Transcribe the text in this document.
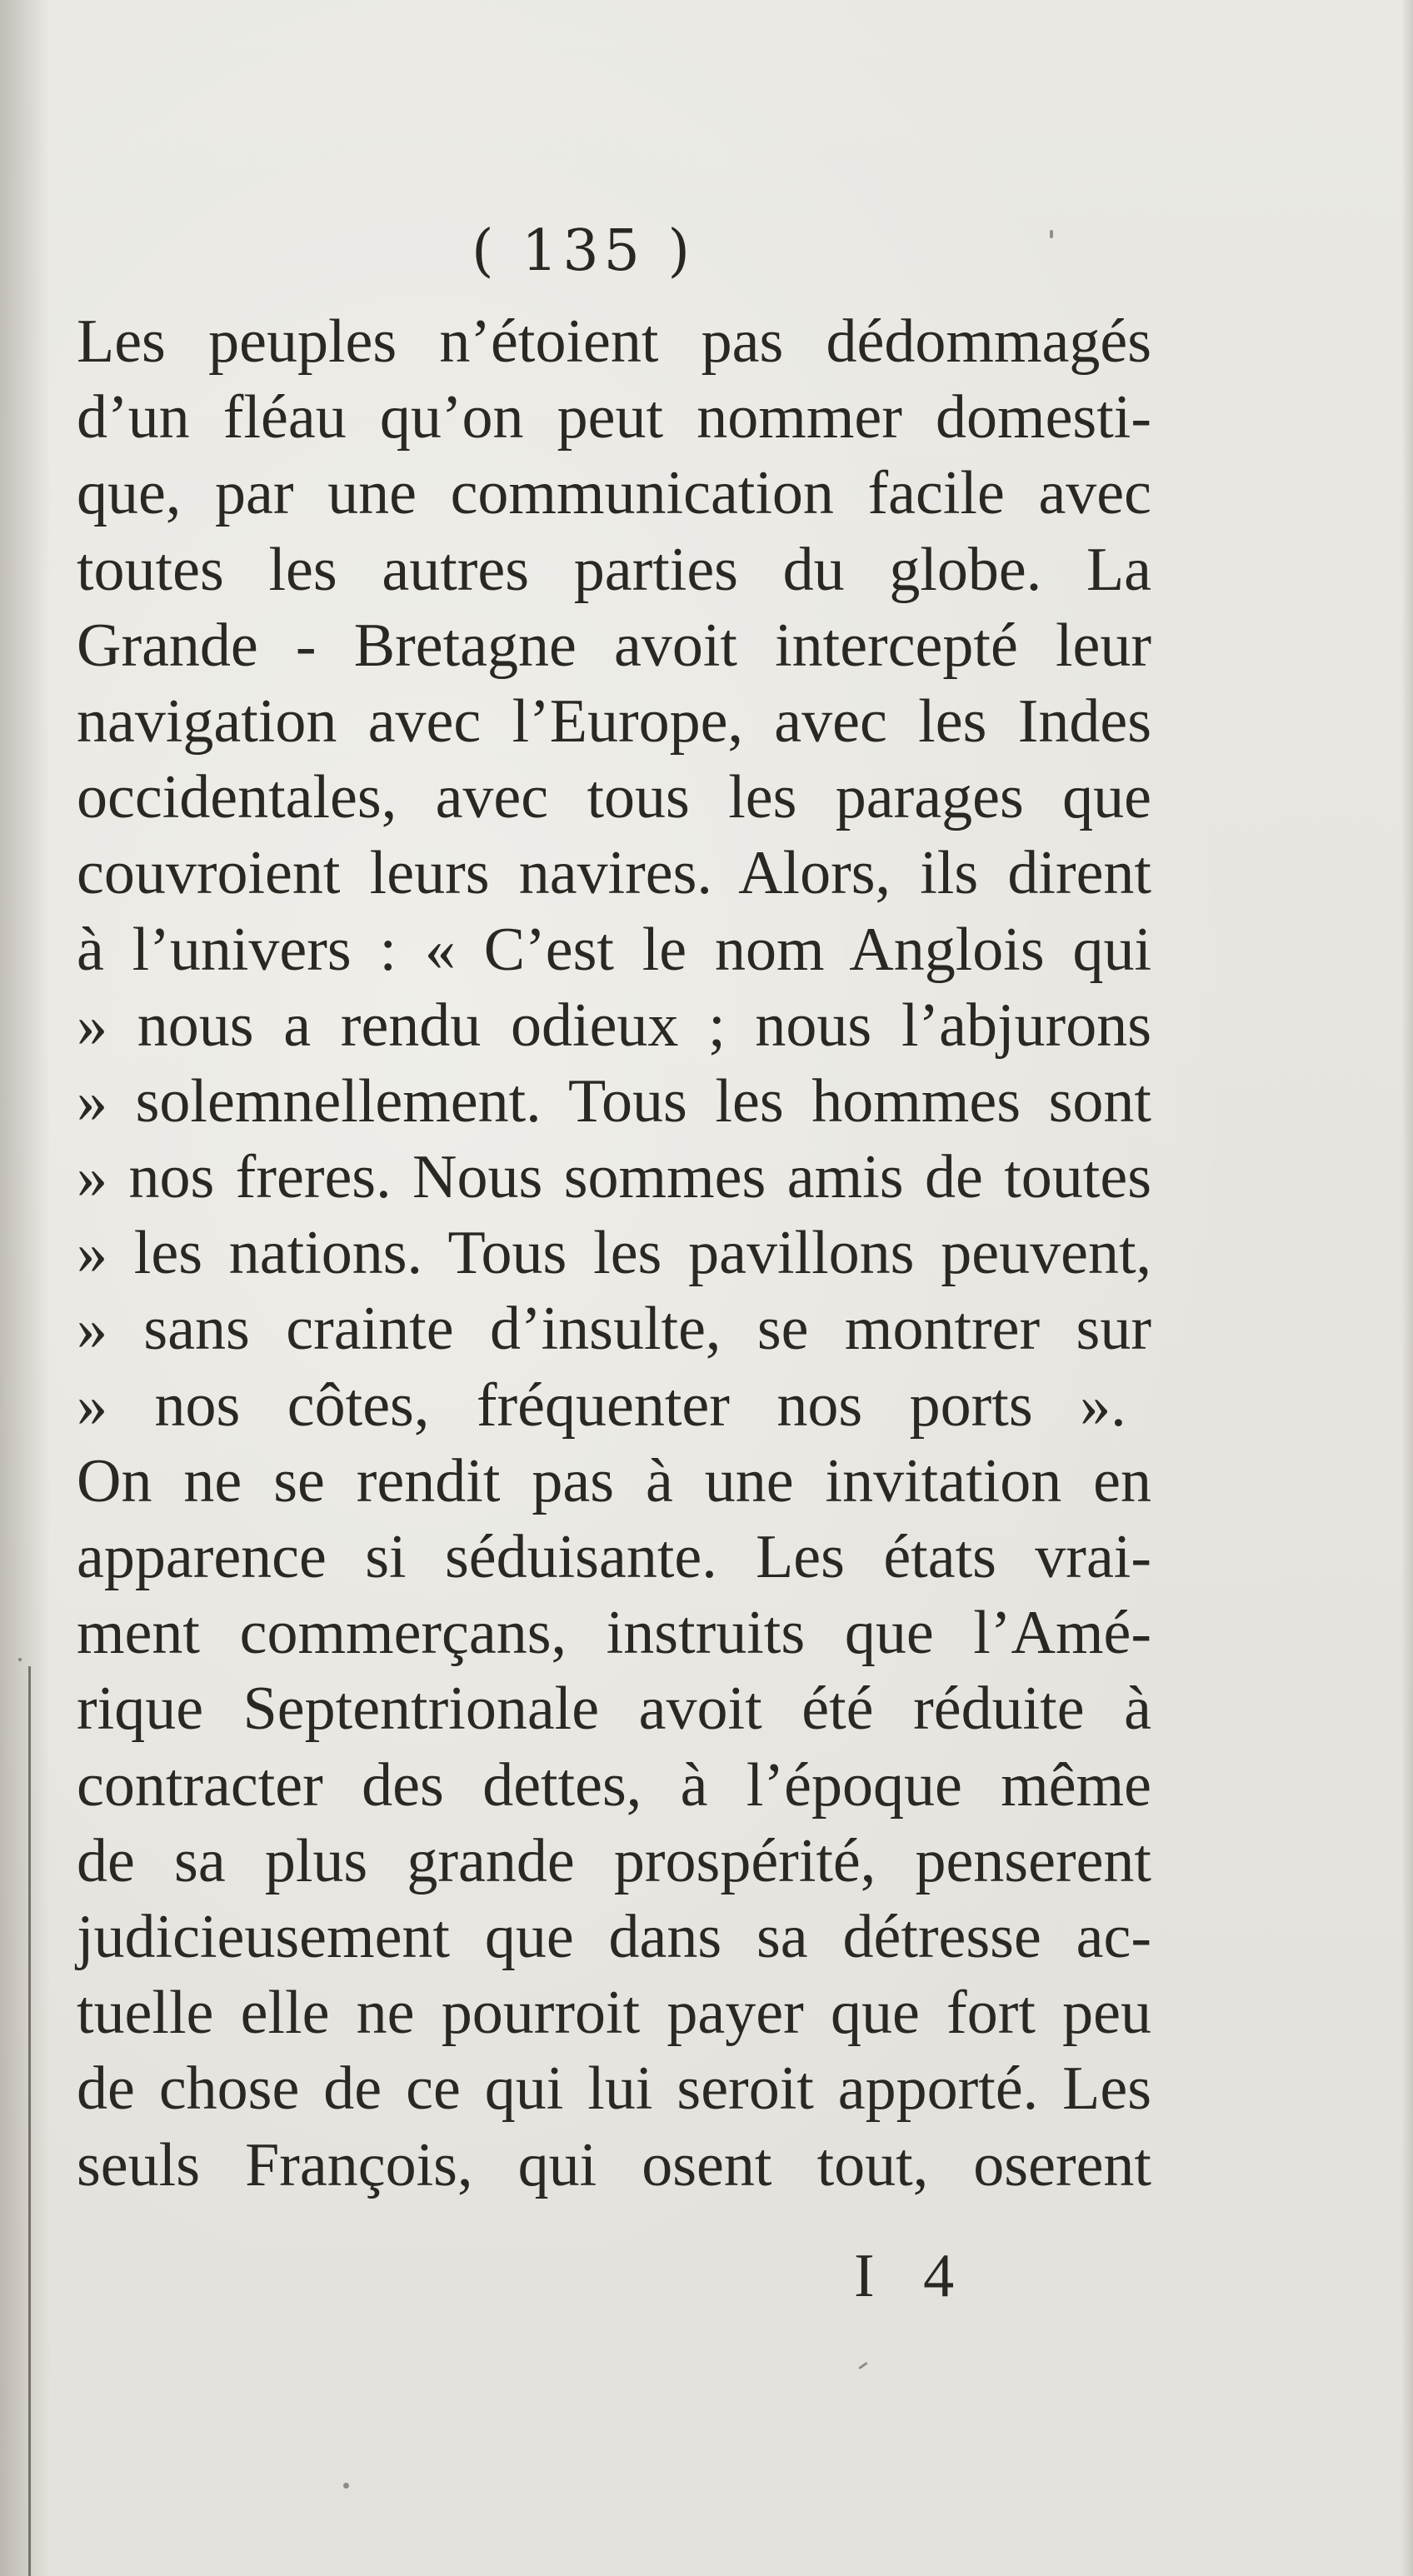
( 135 )
Les peuples n’étoient pas dédommagés
d’un fléau qu’on peut nommer domesti-
que, par une communication facile avec
toutes les autres parties du globe. La
Grande - Bretagne avoit intercepté leur
navigation avec l’Europe, avec les Indes
occidentales, avec tous les parages que
couvroient leurs navires. Alors, ils dirent
à l’univers : « C’est le nom Anglois qui
» nous a rendu odieux ; nous l’abjurons
» solemnellement. Tous les hommes sont
» nos freres. Nous sommes amis de toutes
» les nations. Tous les pavillons peuvent,
» sans crainte d’insulte, se montrer sur
» nos côtes, fréquenter nos ports ».
On ne se rendit pas à une invitation en
apparence si séduisante. Les états vrai-
ment commerçans, instruits que l’Amé-
rique Septentrionale avoit été réduite à
contracter des dettes, à l’époque même
de sa plus grande prospérité, penserent
judicieusement que dans sa détresse ac-
tuelle elle ne pourroit payer que fort peu
de chose de ce qui lui seroit apporté. Les
seuls François, qui osent tout, oserent
I 4
